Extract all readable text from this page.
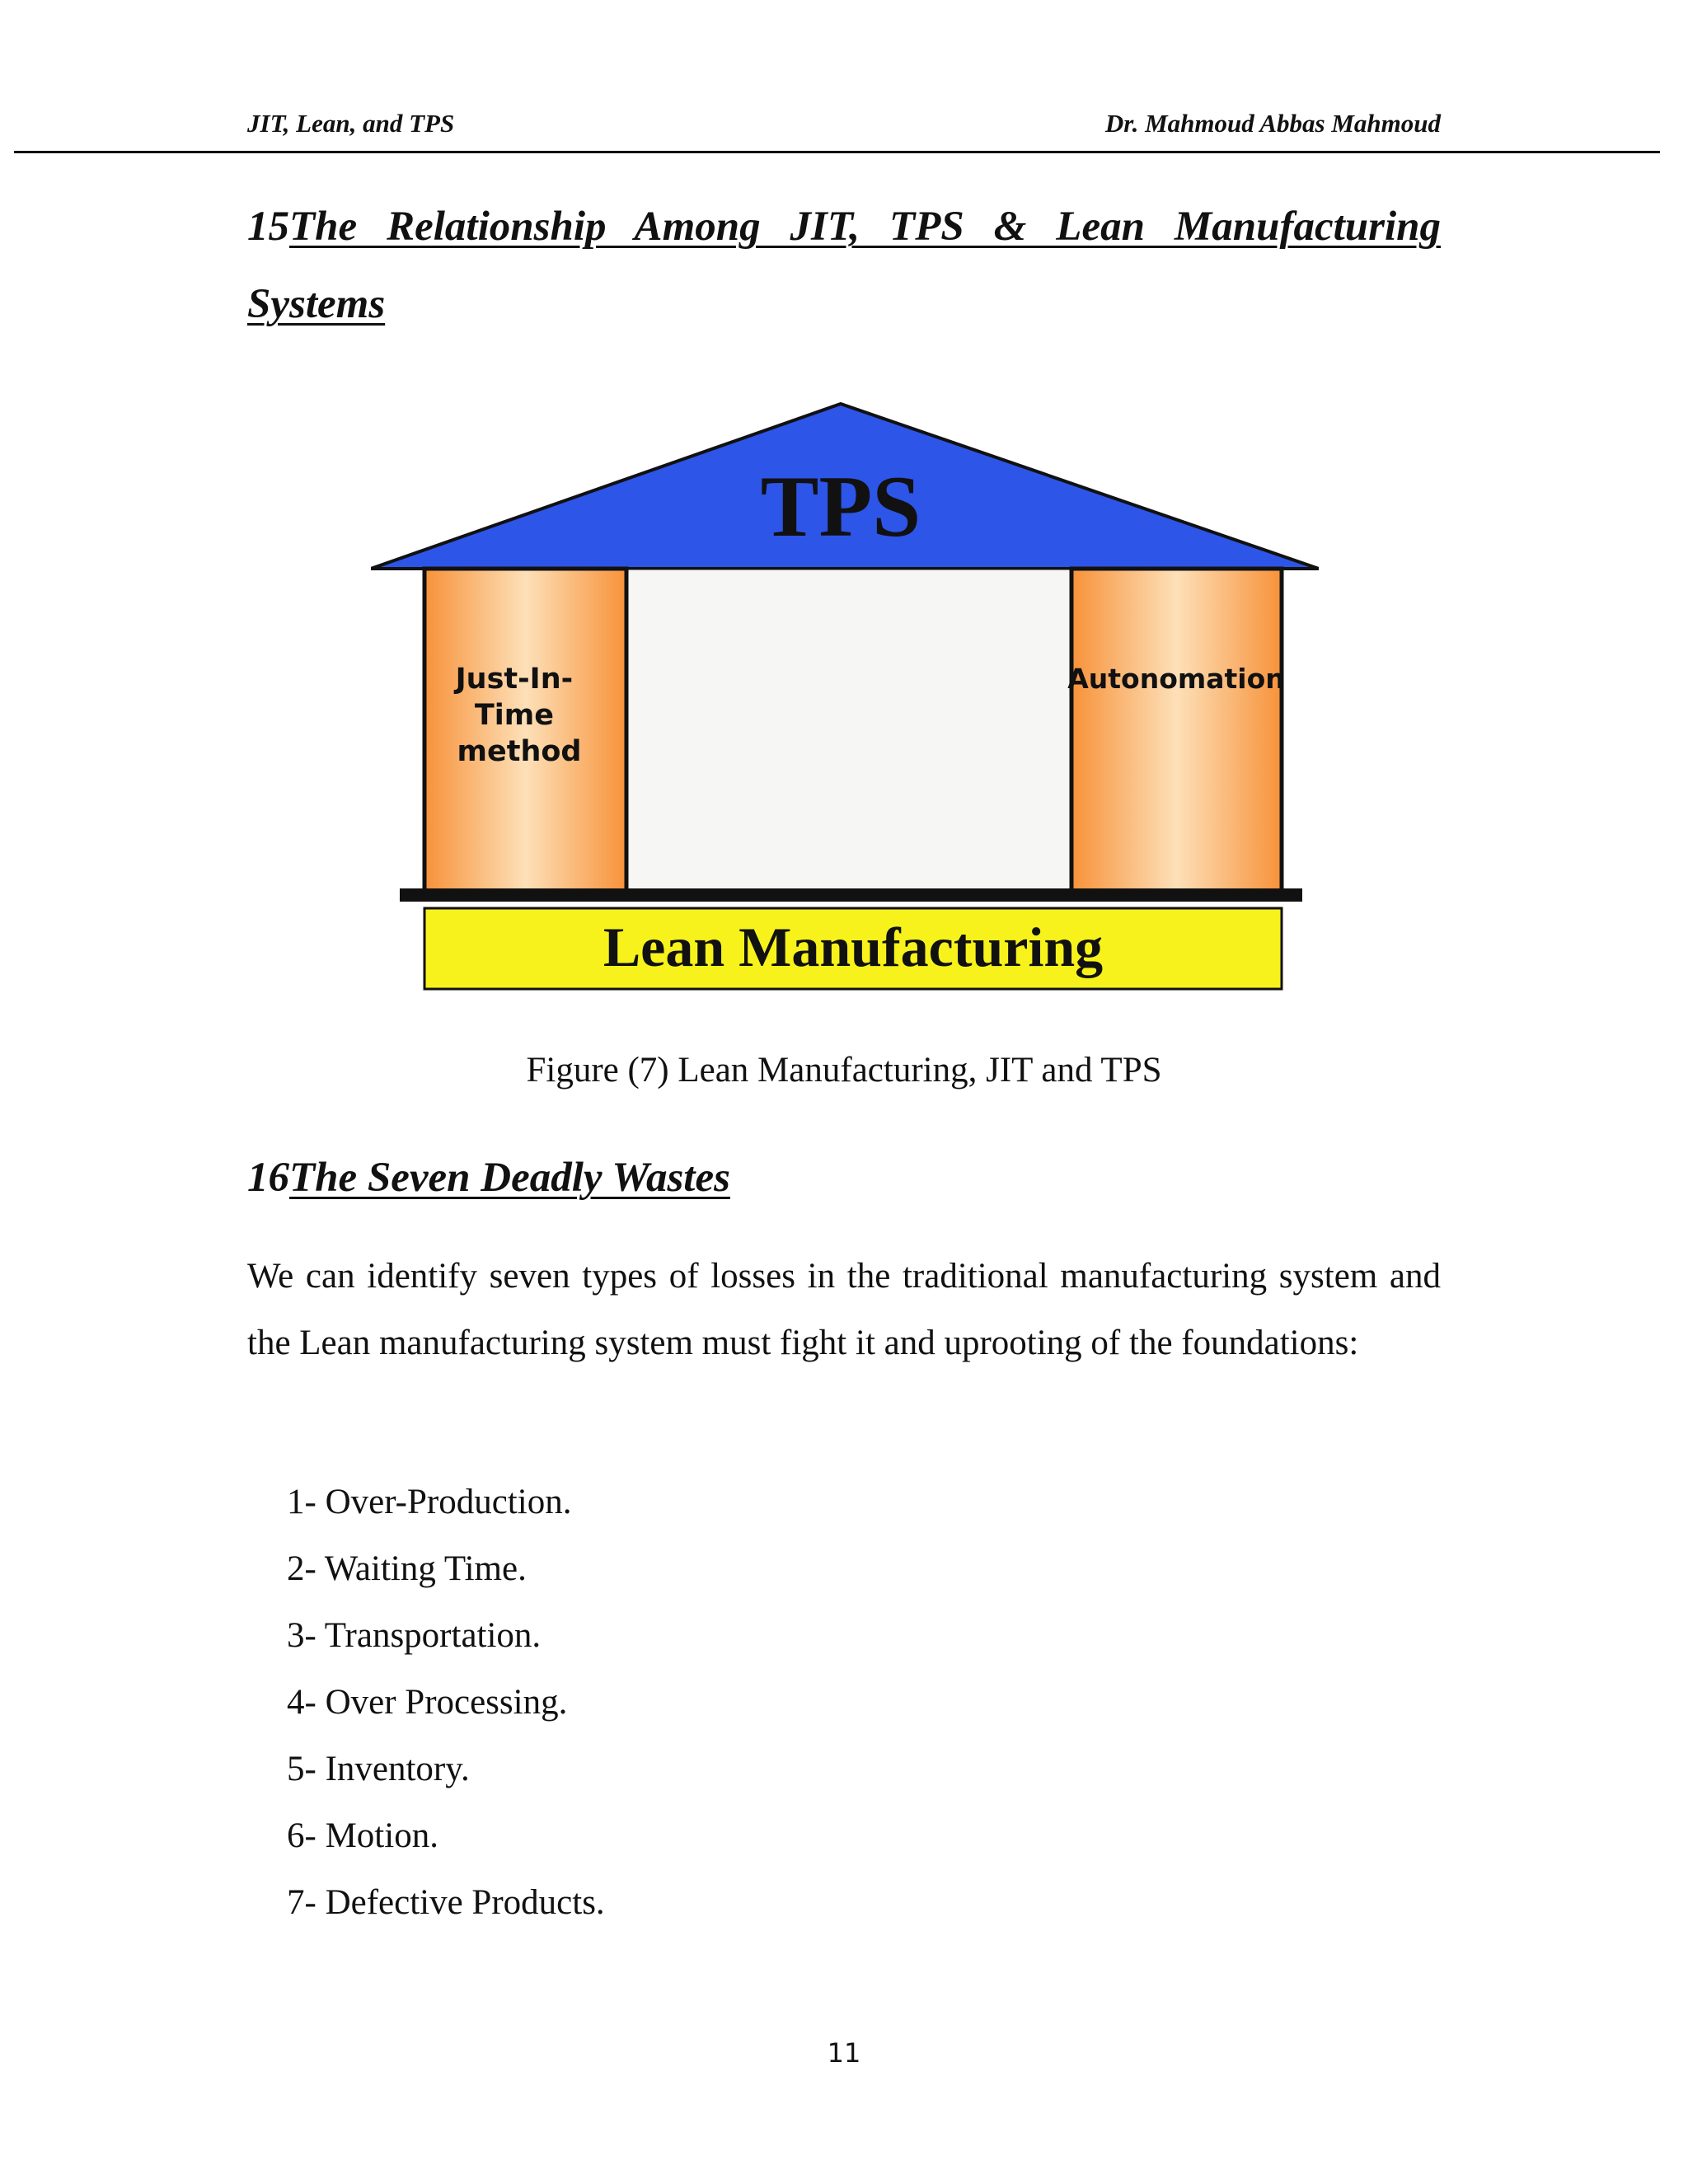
JIT, Lean, and TPS	Dr. Mahmoud Abbas Mahmoud
15The Relationship Among JIT, TPS & Lean Manufacturing Systems
TPS
Just-In- Time method
Autonomation
Lean Manufacturing
Figure (7) Lean Manufacturing, JIT and TPS
16The Seven Deadly Wastes

We can identify seven types of losses in the traditional manufacturing system and the Lean manufacturing system must fight it and uprooting of the foundations:

1- Over-Production.
2- Waiting Time.
3- Transportation.
4- Over Processing.
5- Inventory.
6- Motion.
7- Defective Products.
11
